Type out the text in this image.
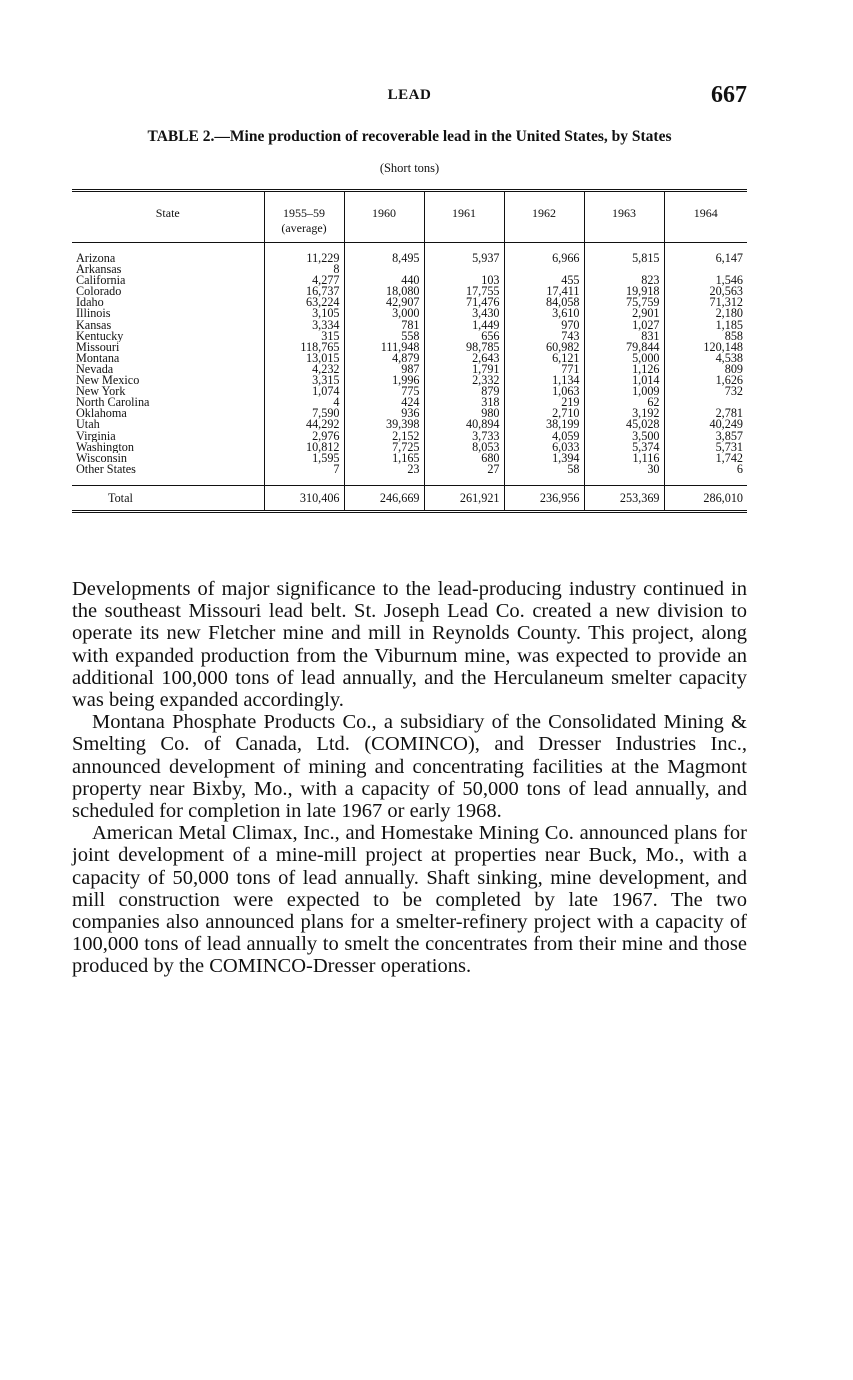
LEAD	667
TABLE 2.—Mine production of recoverable lead in the United States, by States
(Short tons)
State	1955–59 (average)	1960	1961	1962	1963	1964

Arizona	11,229	8,495	5,937	6,966	5,815	6,147
Arkansas	8					
California	4,277	440	103	455	823	1,546
Colorado	16,737	18,080	17,755	17,411	19,918	20,563
Idaho	63,224	42,907	71,476	84,058	75,759	71,312
Illinois	3,105	3,000	3,430	3,610	2,901	2,180
Kansas	3,334	781	1,449	970	1,027	1,185
Kentucky	315	558	656	743	831	858
Missouri	118,765	111,948	98,785	60,982	79,844	120,148
Montana	13,015	4,879	2,643	6,121	5,000	4,538
Nevada	4,232	987	1,791	771	1,126	809
New Mexico	3,315	1,996	2,332	1,134	1,014	1,626
New York	1,074	775	879	1,063	1,009	732
North Carolina	4	424	318	219	62	
Oklahoma	7,590	936	980	2,710	3,192	2,781
Utah	44,292	39,398	40,894	38,199	45,028	40,249
Virginia	2,976	2,152	3,733	4,059	3,500	3,857
Washington	10,812	7,725	8,053	6,033	5,374	5,731
Wisconsin	1,595	1,165	680	1,394	1,116	1,742
Other States	7	23	27	58	30	6

Total	310,406	246,669	261,921	236,956	253,369	286,010

Developments of major significance to the lead-producing industry continued in the southeast Missouri lead belt. St. Joseph Lead Co. created a new division to operate its new Fletcher mine and mill in Reynolds County. This project, along with expanded production from the Viburnum mine, was expected to provide an additional 100,000 tons of lead annually, and the Herculaneum smelter capacity was being expanded accordingly.

Montana Phosphate Products Co., a subsidiary of the Consolidated Mining & Smelting Co. of Canada, Ltd. (COMINCO), and Dresser Industries Inc., announced development of mining and concentrating facilities at the Magmont property near Bixby, Mo., with a capacity of 50,000 tons of lead annually, and scheduled for completion in late 1967 or early 1968.

American Metal Climax, Inc., and Homestake Mining Co. announced plans for joint development of a mine-mill project at properties near Buck, Mo., with a capacity of 50,000 tons of lead annually. Shaft sinking, mine development, and mill construction were expected to be completed by late 1967. The two companies also announced plans for a smelter-refinery project with a capacity of 100,000 tons of lead annually to smelt the concentrates from their mine and those produced by the COMINCO-Dresser operations.
